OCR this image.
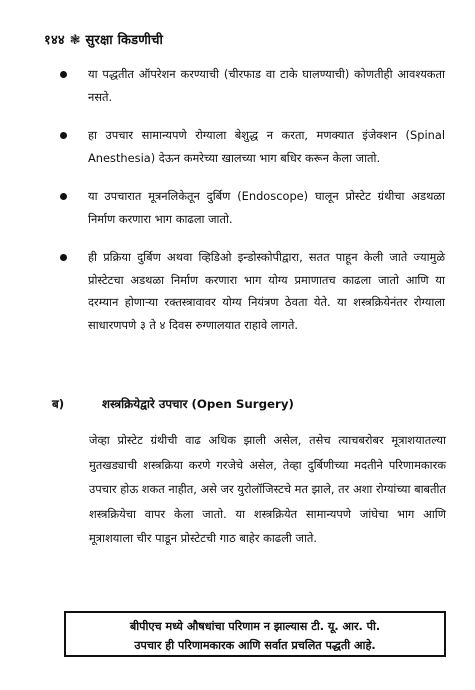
१४४ ❃ सुरक्षा किडणीची
या पद्धतीत ऑपरेशन करण्याची (चीरफाड वा टाके घालण्याची) कोणतीही आवश्यकता नसते.
हा उपचार सामान्यपणे रोग्याला बेशुद्ध न करता, मणक्यात इंजेक्शन (Spinal Anesthesia) देऊन कमरेच्या खालच्या भाग बधिर करून केला जातो.
या उपचारात मूत्रनलिकेतून दुर्बिण (Endoscope) घालून प्रोस्टेट ग्रंथीचा अडथळा निर्माण करणारा भाग काढला जातो.
ही प्रक्रिया दुर्बिण अथवा व्हिडिओ इन्डोस्कोपीद्वारा, सतत पाहून केली जाते ज्यामुळे प्रोस्टेटचा अडथळा निर्माण करणारा भाग योग्य प्रमाणातच काढला जातो आणि या दरम्यान होणाऱ्या रक्तस्त्रावावर योग्य नियंत्रण ठेवता येते. या शस्त्रक्रियेनंतर रोग्याला साधारणपणे ३ ते ४ दिवस रुग्णालयात राहावे लागते.
ब)	शस्त्रक्रियेद्वारे उपचार (Open Surgery)

जेव्हा प्रोस्टेट ग्रंथीची वाढ अधिक झाली असेल, तसेच त्याचबरोबर मूत्राशयातल्या मुतखड्याची शस्त्रक्रिया करणे गरजेचे असेल, तेव्हा दुर्बिणीच्या मदतीने परिणामकारक उपचार होऊ शकत नाहीत, असे जर युरोलॉजिस्टचे मत झाले, तर अशा रोग्यांच्या बाबतीत शस्त्रक्रियेचा वापर केला जातो. या शस्त्रक्रियेत सामान्यपणे जांघेचा भाग आणि मूत्राशयाला चीर पाडून प्रोस्टेटची गाठ बाहेर काढली जाते.

बीपीएच मध्ये औषधांचा परिणाम न झाल्यास टी. यू. आर. पी.
उपचार ही परिणामकारक आणि सर्वात प्रचलित पद्धती आहे.
